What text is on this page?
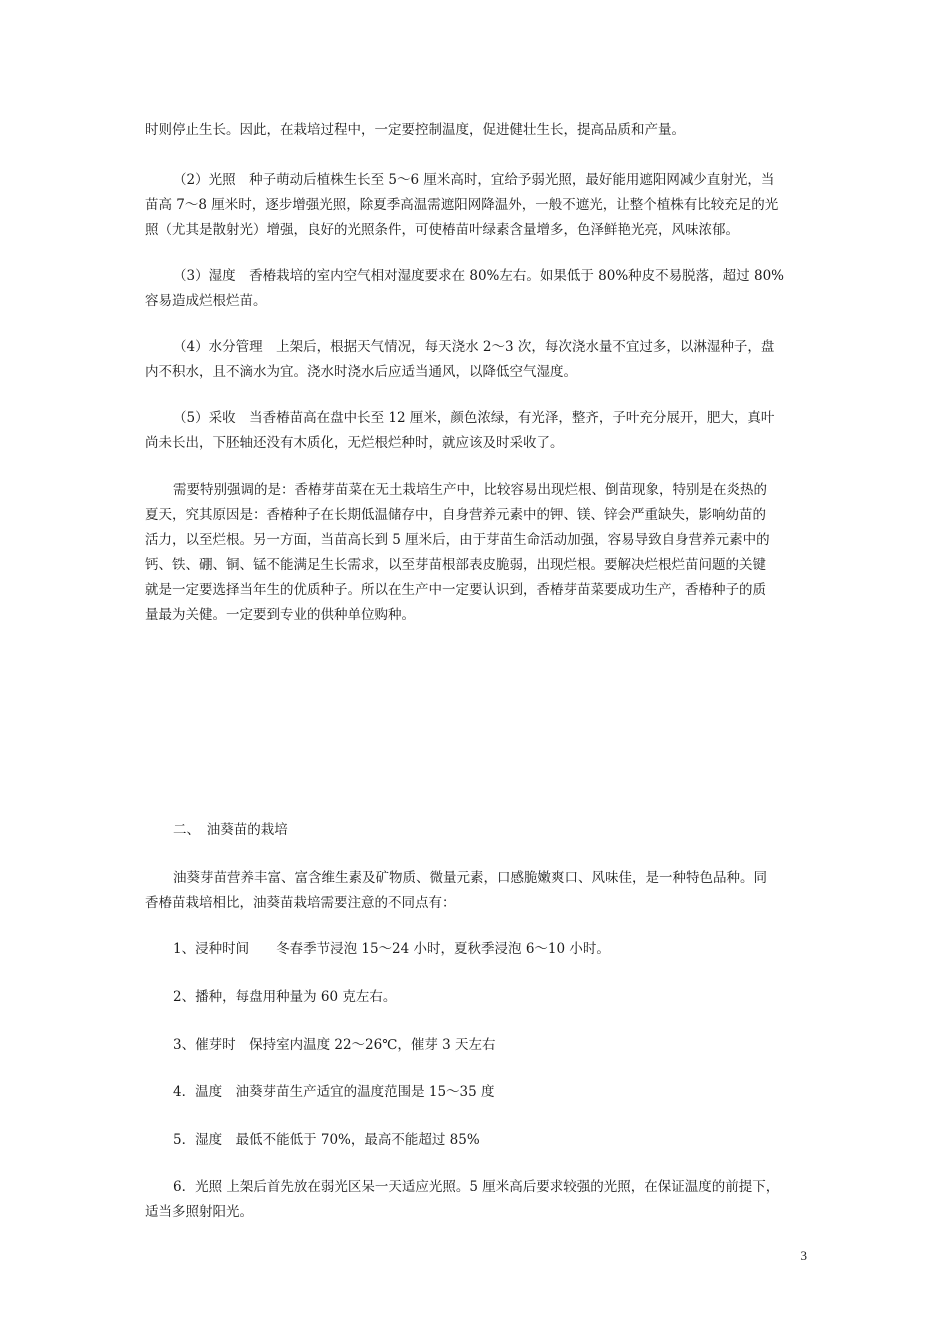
时则停止生长。因此，在栽培过程中，一定要控制温度，促进健壮生长，提高品质和产量。

（2）光照　种子萌动后植株生长至 5～6 厘米高时，宜给予弱光照，最好能用遮阳网减少直射光，当
苗高 7～8 厘米时，逐步增强光照，除夏季高温需遮阳网降温外，一般不遮光，让整个植株有比较充足的光
照（尤其是散射光）增强，良好的光照条件，可使椿苗叶绿素含量增多，色泽鲜艳光亮，风味浓郁。

（3）湿度　香椿栽培的室内空气相对湿度要求在 80%左右。如果低于 80%种皮不易脱落，超过 80%
容易造成烂根烂苗。

（4）水分管理　上架后，根据天气情况，每天浇水 2～3 次，每次浇水量不宜过多，以淋湿种子，盘
内不积水，且不滴水为宜。浇水时浇水后应适当通风，以降低空气湿度。

（5）采收　当香椿苗高在盘中长至 12 厘米，颜色浓绿，有光泽，整齐，子叶充分展开，肥大，真叶
尚未长出，下胚轴还没有木质化，无烂根烂种时，就应该及时采收了。

需要特别强调的是：香椿芽苗菜在无土栽培生产中，比较容易出现烂根、倒苗现象，特别是在炎热的
夏天，究其原因是：香椿种子在长期低温储存中，自身营养元素中的钾、镁、锌会严重缺失，影响幼苗的
活力，以至烂根。另一方面，当苗高长到 5 厘米后，由于芽苗生命活动加强，容易导致自身营养元素中的
钙、铁、硼、铜、锰不能满足生长需求，以至芽苗根部表皮脆弱，出现烂根。要解决烂根烂苗问题的关键
就是一定要选择当年生的优质种子。所以在生产中一定要认识到，香椿芽苗菜要成功生产，香椿种子的质
量最为关健。一定要到专业的供种单位购种。

二、　油葵苗的栽培

油葵芽苗营养丰富、富含维生素及矿物质、微量元素，口感脆嫩爽口、风味佳，是一种特色品种。同
香椿苗栽培相比，油葵苗栽培需要注意的不同点有：

1、浸种时间　　冬春季节浸泡 15～24 小时，夏秋季浸泡 6～10 小时。

2、播种，每盘用种量为 60 克左右。

3、催芽时　保持室内温度 22～26℃，催芽 3 天左右

4．温度　油葵芽苗生产适宜的温度范围是 15～35 度

5．湿度　最低不能低于 70%，最高不能超过 85%

6．光照 上架后首先放在弱光区呆一天适应光照。5 厘米高后要求较强的光照，在保证温度的前提下，
适当多照射阳光。

3
